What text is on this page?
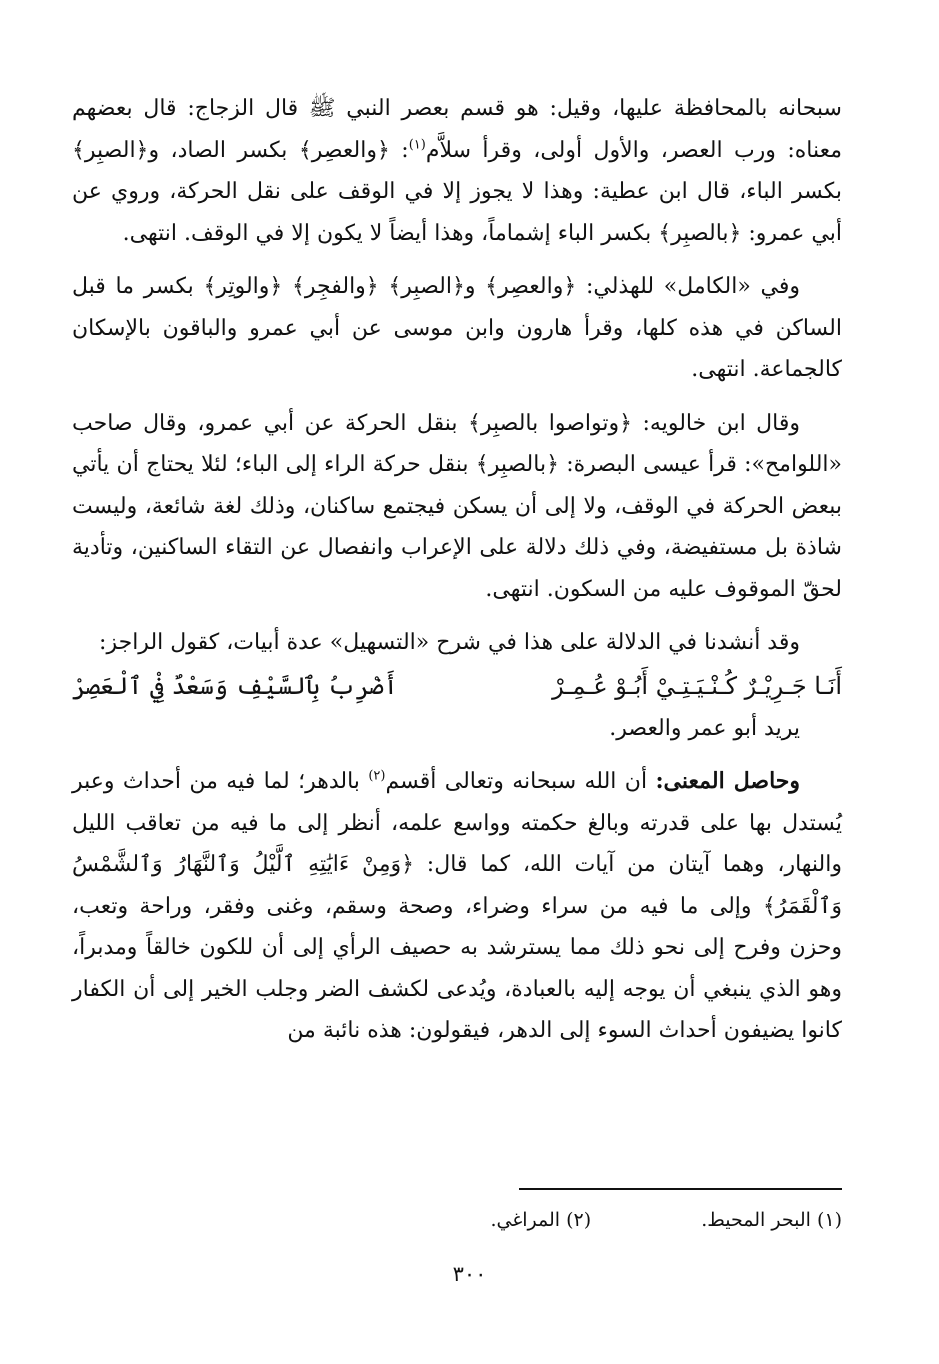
سبحانه بالمحافظة عليها، وقيل: هو قسم بعصر النبي ﷺ قال الزجاج: قال بعضهم معناه: ورب العصر، والأول أولى، وقرأ سلاَّم$^{(١)}$: ﴿والعصِر﴾ بكسر الصاد، و﴿الصبِر﴾ بكسر الباء، قال ابن عطية: وهذا لا يجوز إلا في الوقف على نقل الحركة، وروي عن أبي عمرو: ﴿بالصبِر﴾ بكسر الباء إشماماً، وهذا أيضاً لا يكون إلا في الوقف. انتهى.

وفي «الكامل» للهذلي: ﴿والعصِر﴾ و﴿الصبِر﴾ ﴿والفجِر﴾ ﴿والوتِر﴾ بكسر ما قبل الساكن في هذه كلها، وقرأ هارون وابن موسى عن أبي عمرو والباقون بالإسكان كالجماعة. انتهى.

وقال ابن خالويه: ﴿وتواصوا بالصبِر﴾ بنقل الحركة عن أبي عمرو، وقال صاحب «اللوامح»: قرأ عيسى البصرة: ﴿بالصبِر﴾ بنقل حركة الراء إلى الباء؛ لئلا يحتاج أن يأتي ببعض الحركة في الوقف، ولا إلى أن يسكن فيجتمع ساكنان، وذلك لغة شائعة، وليست شاذة بل مستفيضة، وفي ذلك دلالة على الإعراب وانفصال عن التقاء الساكنين، وتأدية لحقّ الموقوف عليه من السكون. انتهى.

وقد أنشدنا في الدلالة على هذا في شرح «التسهيل» عدة أبيات، كقول الراجز:

أَنَـا جَـرِيْـرٌ كُـنْـيَـتِـيْ أَبُـوْ عُـمِـرْ
أَضْرِبُ بِٱلسَّيْفِ وَسَعْدٌ فِيْ ٱلْعَصِرْ

يريد أبو عمر والعصر.

وحاصل المعنى: أن الله سبحانه وتعالى أقسم$^{(٢)}$ بالدهر؛ لما فيه من أحداث وعبر يُستدل بها على قدرته وبالغ حكمته وواسع علمه، أنظر إلى ما فيه من تعاقب الليل والنهار، وهما آيتان من آيات الله، كما قال: ﴿وَمِنْ ءَايَٰتِهِ ٱلَّيْلُ وَٱلنَّهَارُ وَٱلشَّمْسُ وَٱلْقَمَرُ﴾ وإلى ما فيه من سراء وضراء، وصحة وسقم، وغنى وفقر، وراحة وتعب، وحزن وفرح إلى نحو ذلك مما يسترشد به حصيف الرأي إلى أن للكون خالقاً ومدبراً، وهو الذي ينبغي أن يوجه إليه بالعبادة، ويُدعى لكشف الضر وجلب الخير إلى أن الكفار كانوا يضيفون أحداث السوء إلى الدهر، فيقولون: هذه نائبة من

(١) البحر المحيط.
(٢) المراغي.
٣٠٠
